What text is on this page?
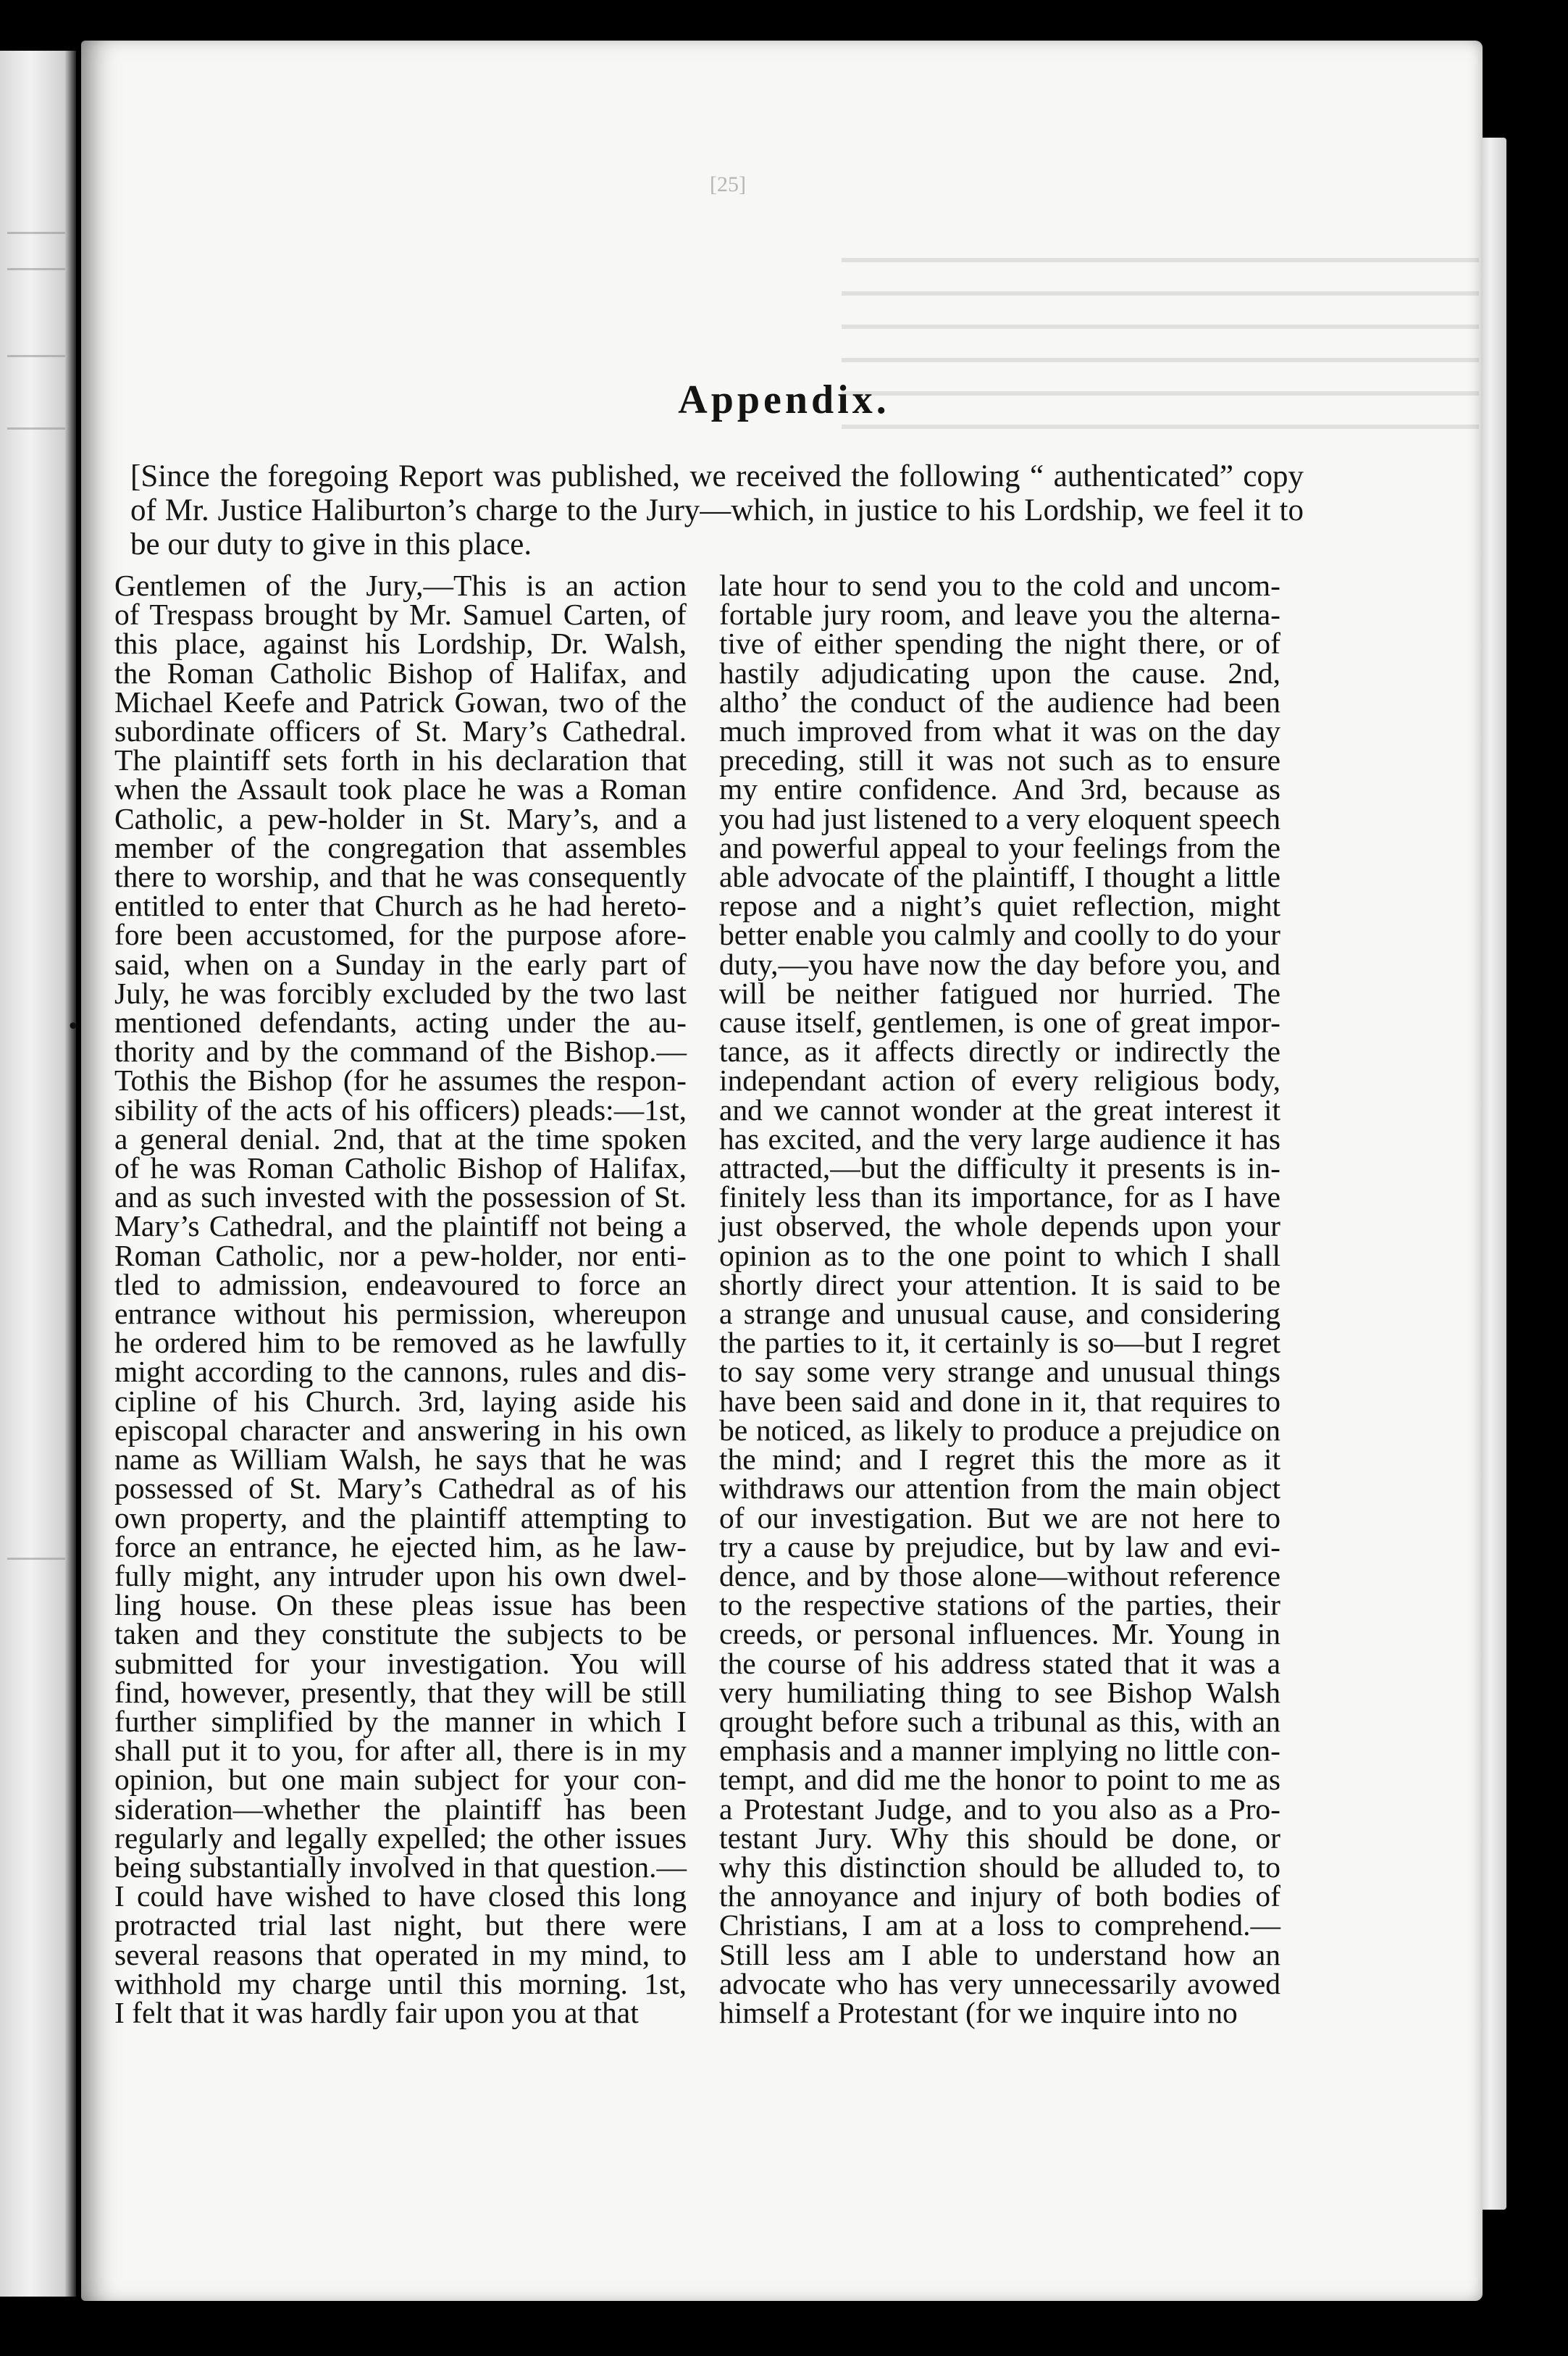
[25]
Appendix.
[Since the foregoing Report was published, we received the following “ authenticated” copy of Mr. Justice Haliburton’s charge to the Jury—which, in justice to his Lordship, we feel it to be our duty to give in this place.
•
Gentlemen of the Jury,—This is an action
of Trespass brought by Mr. Samuel Carten, of
this place, against his Lordship, Dr. Walsh,
the Roman Catholic Bishop of Halifax, and
Michael Keefe and Patrick Gowan, two of the
subordinate officers of St. Mary’s Cathedral.
The plaintiff sets forth in his declaration that
when the Assault took place he was a Roman
Catholic, a pew-holder in St. Mary’s, and a
member of the congregation that assembles
there to worship, and that he was consequently
entitled to enter that Church as he had hereto-
fore been accustomed, for the purpose afore-
said, when on a Sunday in the early part of
July, he was forcibly excluded by the two last
mentioned defendants, acting under the au-
thority and by the command of the Bishop.—
Tothis the Bishop (for he assumes the respon-
sibility of the acts of his officers) pleads:—1st,
a general denial. 2nd, that at the time spoken
of he was Roman Catholic Bishop of Halifax,
and as such invested with the possession of St.
Mary’s Cathedral, and the plaintiff not being a
Roman Catholic, nor a pew-holder, nor enti-
tled to admission, endeavoured to force an
entrance without his permission, whereupon
he ordered him to be removed as he lawfully
might according to the cannons, rules and dis-
cipline of his Church. 3rd, laying aside his
episcopal character and answering in his own
name as William Walsh, he says that he was
possessed of St. Mary’s Cathedral as of his
own property, and the plaintiff attempting to
force an entrance, he ejected him, as he law-
fully might, any intruder upon his own dwel-
ling house. On these pleas issue has been
taken and they constitute the subjects to be
submitted for your investigation. You will
find, however, presently, that they will be still
further simplified by the manner in which I
shall put it to you, for after all, there is in my
opinion, but one main subject for your con-
sideration—whether the plaintiff has been
regularly and legally expelled; the other issues
being substantially involved in that question.—
I could have wished to have closed this long
protracted trial last night, but there were
several reasons that operated in my mind, to
withhold my charge until this morning. 1st,
I felt that it was hardly fair upon you at that
late hour to send you to the cold and uncom-
fortable jury room, and leave you the alterna-
tive of either spending the night there, or of
hastily adjudicating upon the cause. 2nd,
altho’ the conduct of the audience had been
much improved from what it was on the day
preceding, still it was not such as to ensure
my entire confidence. And 3rd, because as
you had just listened to a very eloquent speech
and powerful appeal to your feelings from the
able advocate of the plaintiff, I thought a little
repose and a night’s quiet reflection, might
better enable you calmly and coolly to do your
duty,—you have now the day before you, and
will be neither fatigued nor hurried. The
cause itself, gentlemen, is one of great impor-
tance, as it affects directly or indirectly the
independant action of every religious body,
and we cannot wonder at the great interest it
has excited, and the very large audience it has
attracted,—but the difficulty it presents is in-
finitely less than its importance, for as I have
just observed, the whole depends upon your
opinion as to the one point to which I shall
shortly direct your attention. It is said to be
a strange and unusual cause, and considering
the parties to it, it certainly is so—but I regret
to say some very strange and unusual things
have been said and done in it, that requires to
be noticed, as likely to produce a prejudice on
the mind; and I regret this the more as it
withdraws our attention from the main object
of our investigation. But we are not here to
try a cause by prejudice, but by law and evi-
dence, and by those alone—without reference
to the respective stations of the parties, their
creeds, or personal influences. Mr. Young in
the course of his address stated that it was a
very humiliating thing to see Bishop Walsh
qrought before such a tribunal as this, with an
emphasis and a manner implying no little con-
tempt, and did me the honor to point to me as
a Protestant Judge, and to you also as a Pro-
testant Jury. Why this should be done, or
why this distinction should be alluded to, to
the annoyance and injury of both bodies of
Christians, I am at a loss to comprehend.—
Still less am I able to understand how an
advocate who has very unnecessarily avowed
himself a Protestant (for we inquire into no
